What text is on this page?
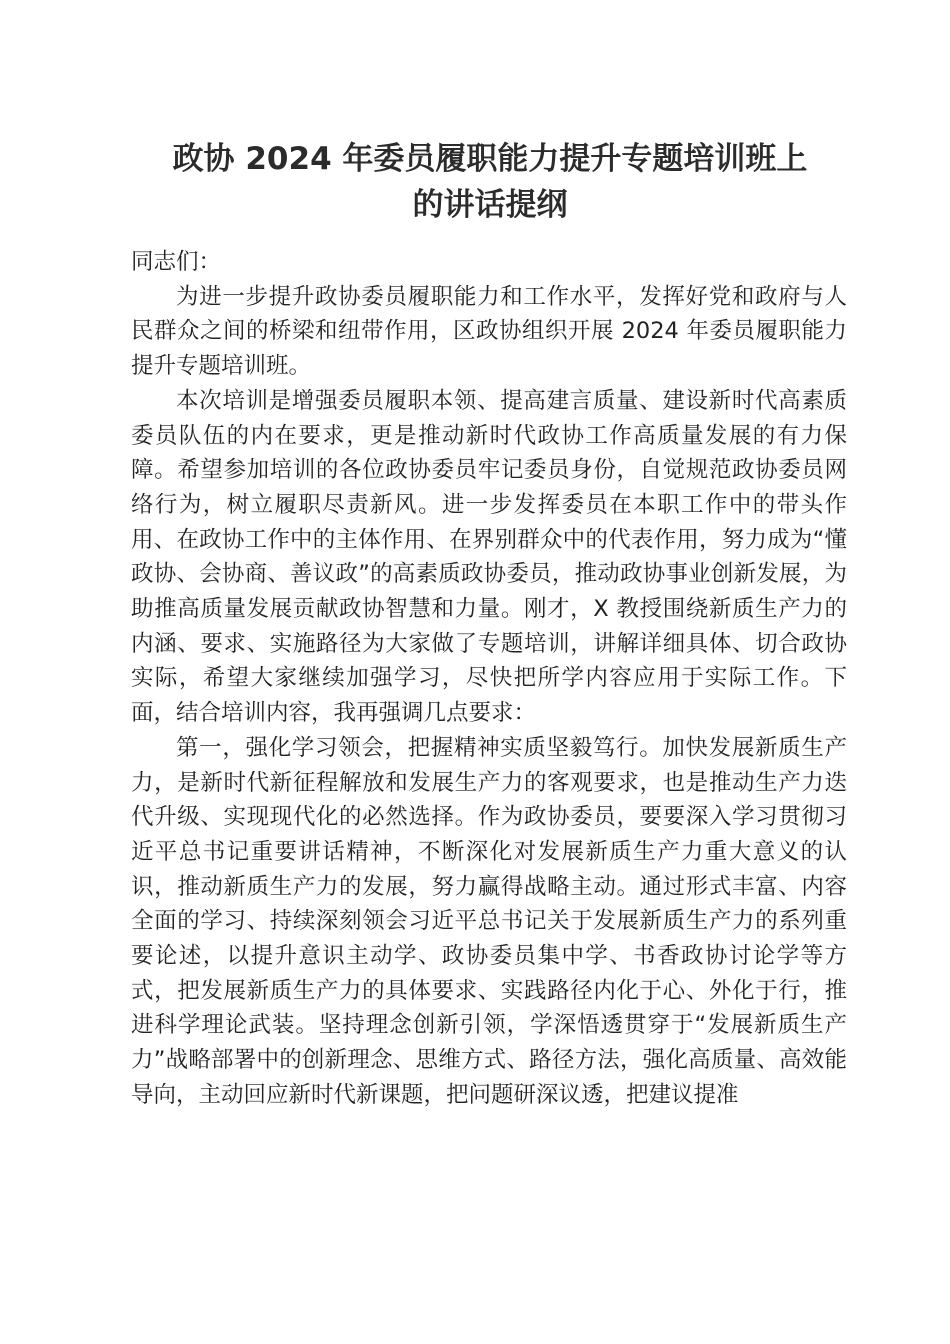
政协 2024 年委员履职能力提升专题培训班上
的讲话提纲

同志们：

为进一步提升政协委员履职能力和工作水平，发挥好党和政府与人民群众之间的桥梁和纽带作用，区政协组织开展 2024 年委员履职能力提升专题培训班。

本次培训是增强委员履职本领、提高建言质量、建设新时代高素质委员队伍的内在要求，更是推动新时代政协工作高质量发展的有力保障。希望参加培训的各位政协委员牢记委员身份，自觉规范政协委员网络行为，树立履职尽责新风。进一步发挥委员在本职工作中的带头作用、在政协工作中的主体作用、在界别群众中的代表作用，努力成为“懂政协、会协商、善议政”的高素质政协委员，推动政协事业创新发展，为助推高质量发展贡献政协智慧和力量。刚才，X 教授围绕新质生产力的内涵、要求、实施路径为大家做了专题培训，讲解详细具体、切合政协实际，希望大家继续加强学习，尽快把所学内容应用于实际工作。下面，结合培训内容，我再强调几点要求：

第一，强化学习领会，把握精神实质坚毅笃行。加快发展新质生产力，是新时代新征程解放和发展生产力的客观要求，也是推动生产力迭代升级、实现现代化的必然选择。作为政协委员，要要深入学习贯彻习近平总书记重要讲话精神，不断深化对发展新质生产力重大意义的认识，推动新质生产力的发展，努力赢得战略主动。通过形式丰富、内容全面的学习、持续深刻领会习近平总书记关于发展新质生产力的系列重要论述，以提升意识主动学、政协委员集中学、书香政协讨论学等方式，把发展新质生产力的具体要求、实践路径内化于心、外化于行，推进科学理论武装。坚持理念创新引领，学深悟透贯穿于“发展新质生产力”战略部署中的创新理念、思维方式、路径方法，强化高质量、高效能导向，主动回应新时代新课题，把问题研深议透，把建议提准
